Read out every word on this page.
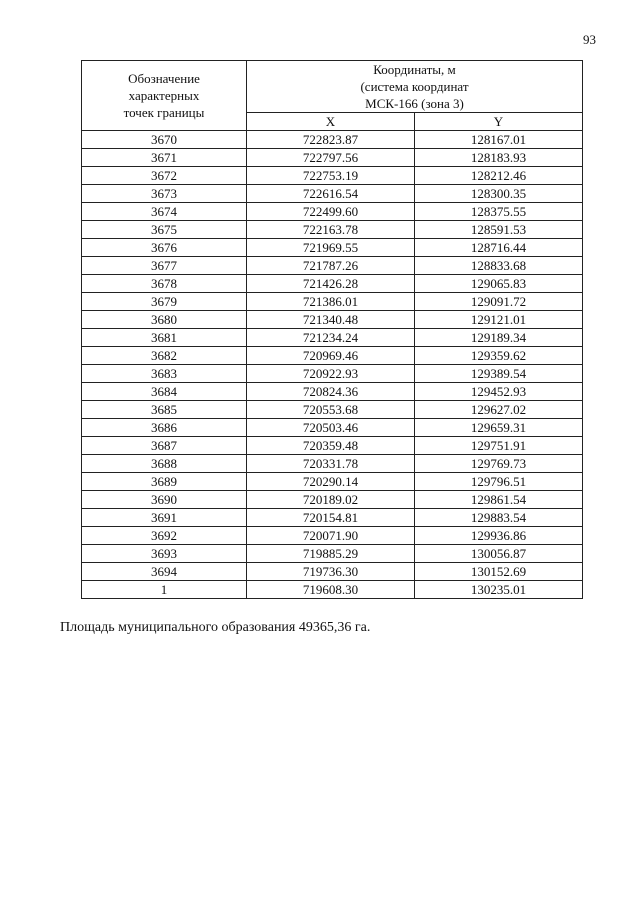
93
Обозначение
характерных
точек границы	Координаты, м
(система координат
МСК-166 (зона 3)	

	X	Y
3670	722823.87	128167.01
3671	722797.56	128183.93
3672	722753.19	128212.46
3673	722616.54	128300.35
3674	722499.60	128375.55
3675	722163.78	128591.53
3676	721969.55	128716.44
3677	721787.26	128833.68
3678	721426.28	129065.83
3679	721386.01	129091.72
3680	721340.48	129121.01
3681	721234.24	129189.34
3682	720969.46	129359.62
3683	720922.93	129389.54
3684	720824.36	129452.93
3685	720553.68	129627.02
3686	720503.46	129659.31
3687	720359.48	129751.91
3688	720331.78	129769.73
3689	720290.14	129796.51
3690	720189.02	129861.54
3691	720154.81	129883.54
3692	720071.90	129936.86
3693	719885.29	130056.87
3694	719736.30	130152.69
1	719608.30	130235.01
Площадь муниципального образования 49365,36 га.
